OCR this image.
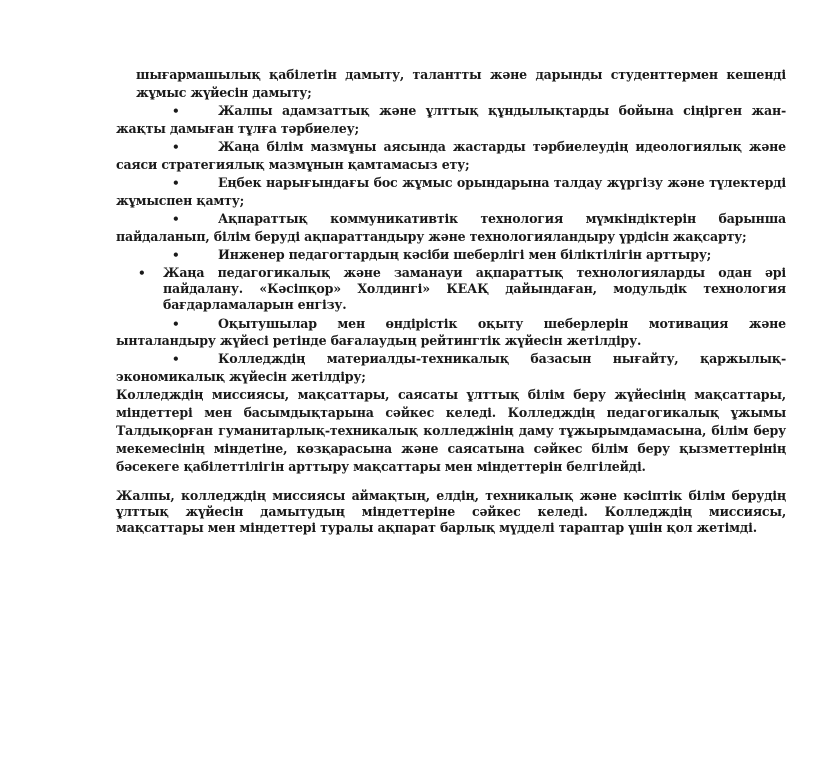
шығармашылық қабілетін дамыту, талантты және дарынды студенттермен кешенді
жұмыс жүйесін дамыту;
•	Жалпы адамзаттық және ұлттық құндылықтарды бойына сіңірген жан-
жақты дамыған тұлға тәрбиелеу;
•	Жаңа білім мазмұны аясында жастарды тәрбиелеудің идеологиялық және
саяси стратегиялық мазмұнын қамтамасыз ету;
•	Еңбек нарығындағы бос жұмыс орындарына талдау жүргізу және түлектерді
жұмыспен қамту;
•	Ақпараттық коммуникативтік технология мүмкіндіктерін барынша
пайдаланып, білім беруді ақпараттандыру және технологияландыру үрдісін жақсарту;
•	Инженер педагогтардың кәсіби шеберлігі мен біліктілігін арттыру;
• Жаңа педагогикалық және заманауи ақпараттық технологияларды одан әрі
пайдалану. «Кәсіпқор» Холдингі» КЕАҚ дайындаған, модульдік технология
бағдарламаларын енгізу.
•	Оқытушылар мен өндірістік оқыту шеберлерін мотивация және
ынталандыру жүйесі ретінде бағалаудың рейтингтік жүйесін жетілдіру.
•	Колледждің материалды-техникалық базасын нығайту, қаржылық-
экономикалық жүйесін жетілдіру;
Колледждің миссиясы, мақсаттары, саясаты ұлттық білім беру жүйесінің мақсаттары,
міндеттері мен басымдықтарына сәйкес келеді. Колледждің педагогикалық ұжымы
Талдықорған гуманитарлық-техникалық колледжінің даму тұжырымдамасына, білім беру
мекемесінің міндетіне, көзқарасына және саясатына сәйкес білім беру қызметтерінің
бәсекеге қабілеттілігін арттыру мақсаттары мен міндеттерін белгілейді.
Жалпы, колледждің миссиясы аймақтың, елдің, техникалық және кәсіптік білім берудің
ұлттық жүйесін дамытудың міндеттеріне сәйкес келеді. Колледждің миссиясы,
мақсаттары мен міндеттері туралы ақпарат барлық мүдделі тараптар үшін қол жетімді.
